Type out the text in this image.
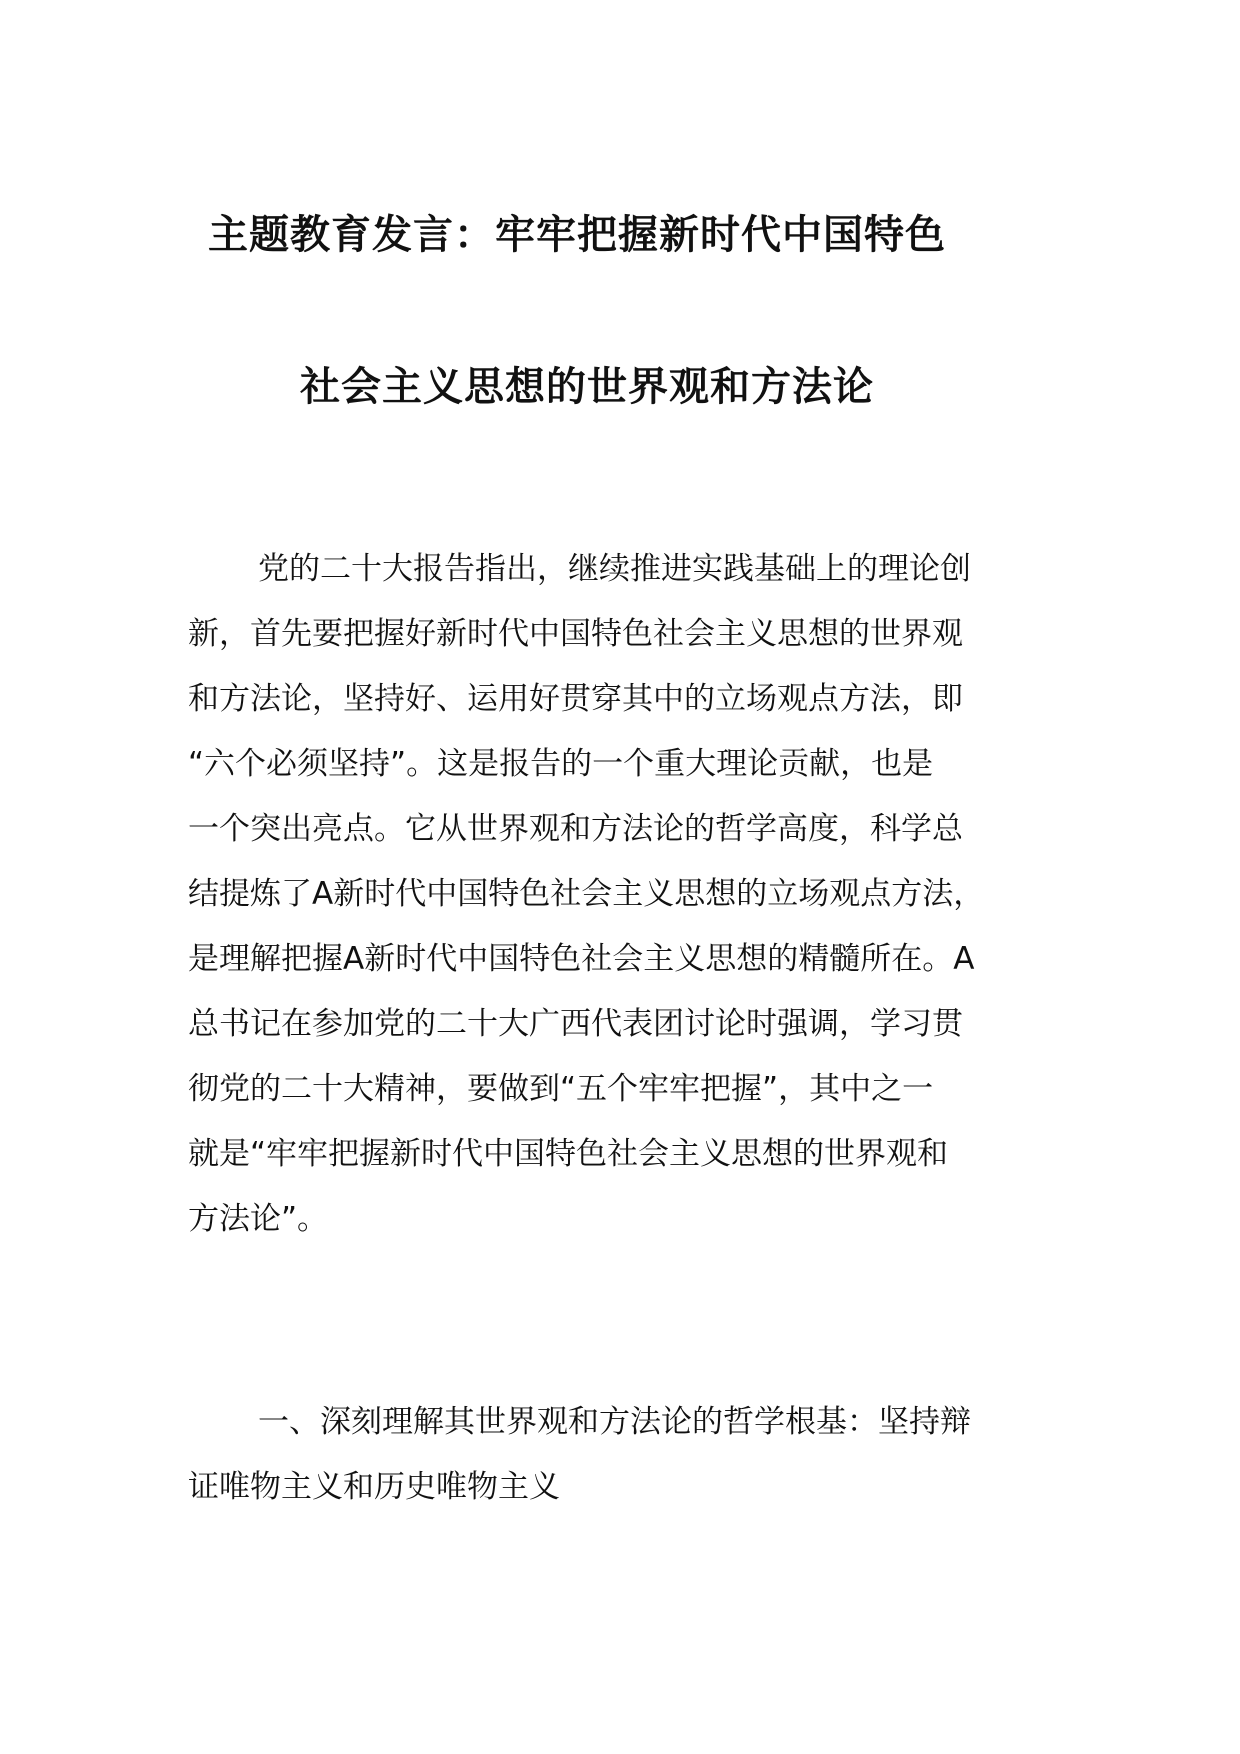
主题教育发言：牢牢把握新时代中国特色
社会主义思想的世界观和方法论
党的二十大报告指出，继续推进实践基础上的理论创
新，首先要把握好新时代中国特色社会主义思想的世界观
和方法论，坚持好、运用好贯穿其中的立场观点方法，即
“六个必须坚持”。这是报告的一个重大理论贡献，也是
一个突出亮点。它从世界观和方法论的哲学高度，科学总
结提炼了A新时代中国特色社会主义思想的立场观点方法，
是理解把握A新时代中国特色社会主义思想的精髓所在。A
总书记在参加党的二十大广西代表团讨论时强调，学习贯
彻党的二十大精神，要做到“五个牢牢把握”，其中之一
就是“牢牢把握新时代中国特色社会主义思想的世界观和
方法论”。
一、深刻理解其世界观和方法论的哲学根基：坚持辩
证唯物主义和历史唯物主义
